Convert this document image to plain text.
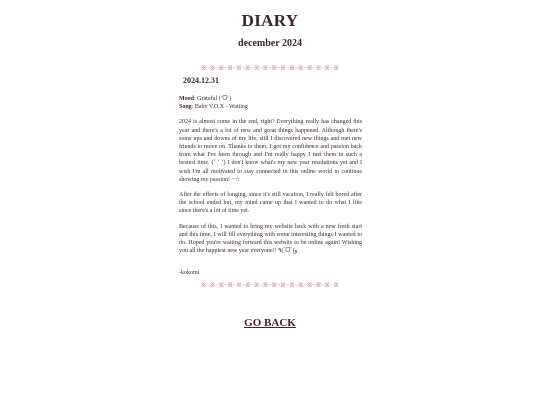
DIARY
december 2024
ꕤ~ꕤ~ꕤ~ꕤ~ꕤ~ꕤ~ꕤ~ꕤ~ꕤ~ꕤ~ꕤ~ꕤ~ꕤ~ꕤ~ꕤ~ꕤ
2024.12.31
Mood: Grateful (ᵔᗜᵔ)
Song: Baby V.O.X - Waiting
2024 is almost come in the end, right? Everything really has changed this year and there's a lot of new and great things happened. Although there's some ups and downs of my life, still I discovered new things and met new friends to move on. Thanks to them, I got my confidence and passion back from what I've been through and I'm really happy I met them in such a bestest time. (˘ ˘ ˘) I don't know what's my new year resolutions yet and I wish I'm all motivated to stay connected in this online world to continue showing my passion! ~☆
After the effects of longing, since it's still vacation, I really felt bored after the school ended but, my mind came up that I wanted to do what I like since there's a lot of time yet.
Because of this, I wanted to bring my website back with a new fresh start and this time, I will fill everything with some interesting things I wanted to do. Hoped you're waiting forward this website to be online again! Wishing you all the happiest new year everyone!! ٩(ˊᗜˋ)و
-kokomi
ꕤ~ꕤ~ꕤ~ꕤ~ꕤ~ꕤ~ꕤ~ꕤ~ꕤ~ꕤ~ꕤ~ꕤ~ꕤ~ꕤ~ꕤ~ꕤ
GO BACK
